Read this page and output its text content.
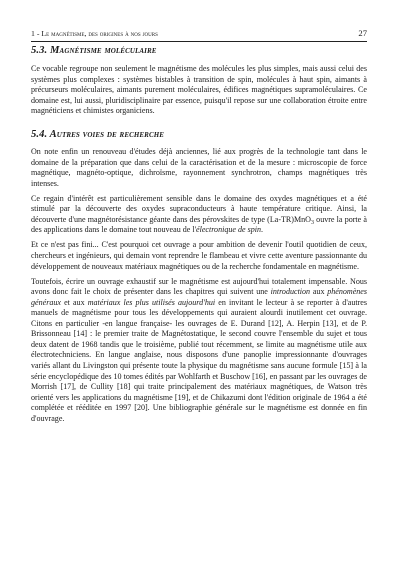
1 - Le magnétisme, des origines à nos jours	27
5.3. Magnétisme moléculaire

Ce vocable regroupe non seulement le magnétisme des molécules les plus simples, mais aussi celui des systèmes plus complexes : systèmes bistables à transition de spin, molécules à haut spin, aimants à précurseurs moléculaires, aimants purement moléculaires, édifices magnétiques supramoléculaires. Ce domaine est, lui aussi, pluridisciplinaire par essence, puisqu'il repose sur une collaboration étroite entre magnéticiens et chimistes organiciens.

5.4. Autres voies de recherche

On note enfin un renouveau d'études déjà anciennes, lié aux progrès de la technologie tant dans le domaine de la préparation que dans celui de la caractérisation et de la mesure : microscopie de force magnétique, magnéto-optique, dichroïsme, rayonnement synchrotron, champs magnétiques très intenses.

Ce regain d'intérêt est particulièrement sensible dans le domaine des oxydes magnétiques et a été stimulé par la découverte des oxydes supraconducteurs à haute température critique. Ainsi, la découverte d'une magnétorésistance géante dans des pérovskites de type (La-TR)MnO$_3$ ouvre la porte à des applications dans le domaine tout nouveau de l'électronique de spin.

Et ce n'est pas fini... C'est pourquoi cet ouvrage a pour ambition de devenir l'outil quotidien de ceux, chercheurs et ingénieurs, qui demain vont reprendre le flambeau et vivre cette aventure passionnante du développement de nouveaux matériaux magnétiques ou de la recherche fondamentale en magnétisme.

Toutefois, écrire un ouvrage exhaustif sur le magnétisme est aujourd'hui totalement impensable. Nous avons donc fait le choix de présenter dans les chapitres qui suivent une introduction aux phénomènes généraux et aux matériaux les plus utilisés aujourd'hui en invitant le lecteur à se reporter à d'autres manuels de magnétisme pour tous les développements qui auraient alourdi inutilement cet ouvrage. Citons en particulier -en langue française- les ouvrages de E. Durand [12], A. Herpin [13], et de P. Brissonneau [14] : le premier traite de Magnétostatique, le second couvre l'ensemble du sujet et tous deux datent de 1968 tandis que le troisième, publié tout récemment, se limite au magnétisme utile aux électrotechniciens. En langue anglaise, nous disposons d'une panoplie impressionnante d'ouvrages variés allant du Livingston qui présente toute la physique du magnétisme sans aucune formule [15] à la série encyclopédique des 10 tomes édités par Wohlfarth et Buschow [16], en passant par les ouvrages de Morrish [17], de Cullity [18] qui traite principalement des matériaux magnétiques, de Watson très orienté vers les applications du magnétisme [19], et de Chikazumi dont l'édition originale de 1964 a été complétée et rééditée en 1997 [20]. Une bibliographie générale sur le magnétisme est donnée en fin d'ouvrage.
